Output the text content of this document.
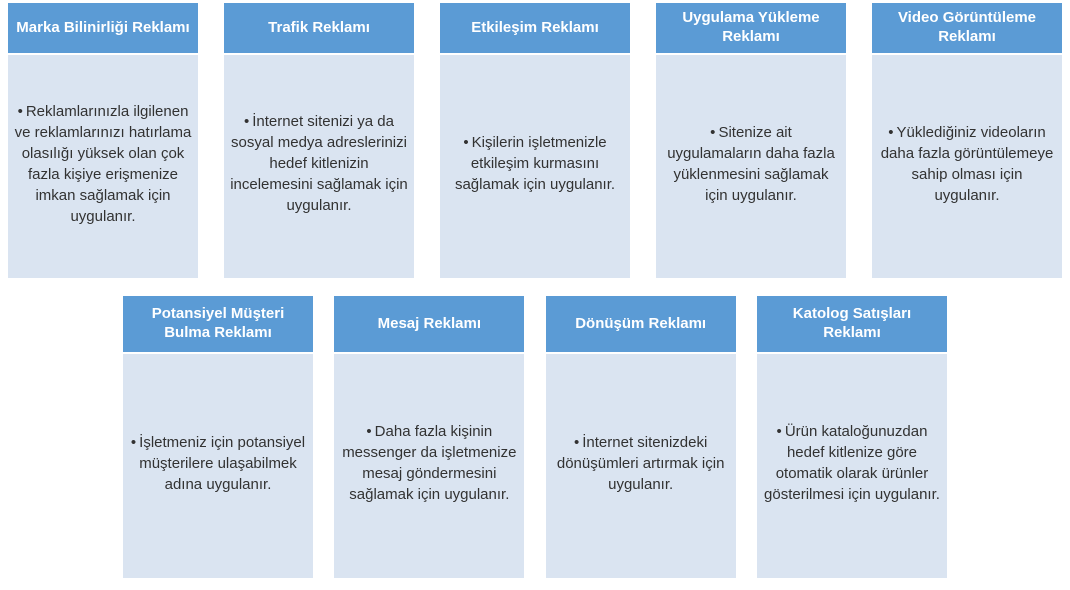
Marka Bilinirliği Reklamı

• Reklamlarınızla ilgilenen ve reklamlarınızı hatırlama olasılığı yüksek olan çok fazla kişiye erişmenize imkan sağlamak için uygulanır.

Trafik Reklamı

• İnternet sitenizi ya da sosyal medya adreslerinizi hedef kitlenizin incelemesini sağlamak için uygulanır.

Etkileşim Reklamı

• Kişilerin işletmenizle etkileşim kurmasını sağlamak için uygulanır.

Uygulama Yükleme Reklamı

• Sitenize ait uygulamaların daha fazla yüklenmesini sağlamak için uygulanır.

Video Görüntüleme Reklamı

• Yüklediğiniz videoların daha fazla görüntülemeye sahip olması için uygulanır.

Potansiyel Müşteri Bulma Reklamı

• İşletmeniz için potansiyel müşterilere ulaşabilmek adına uygulanır.

Mesaj Reklamı

• Daha fazla kişinin messenger da işletmenize mesaj göndermesini sağlamak için uygulanır.

Dönüşüm Reklamı

• İnternet sitenizdeki dönüşümleri artırmak için uygulanır.

Katolog Satışları Reklamı

• Ürün kataloğunuzdan hedef kitlenize göre otomatik olarak ürünler gösterilmesi için uygulanır.
